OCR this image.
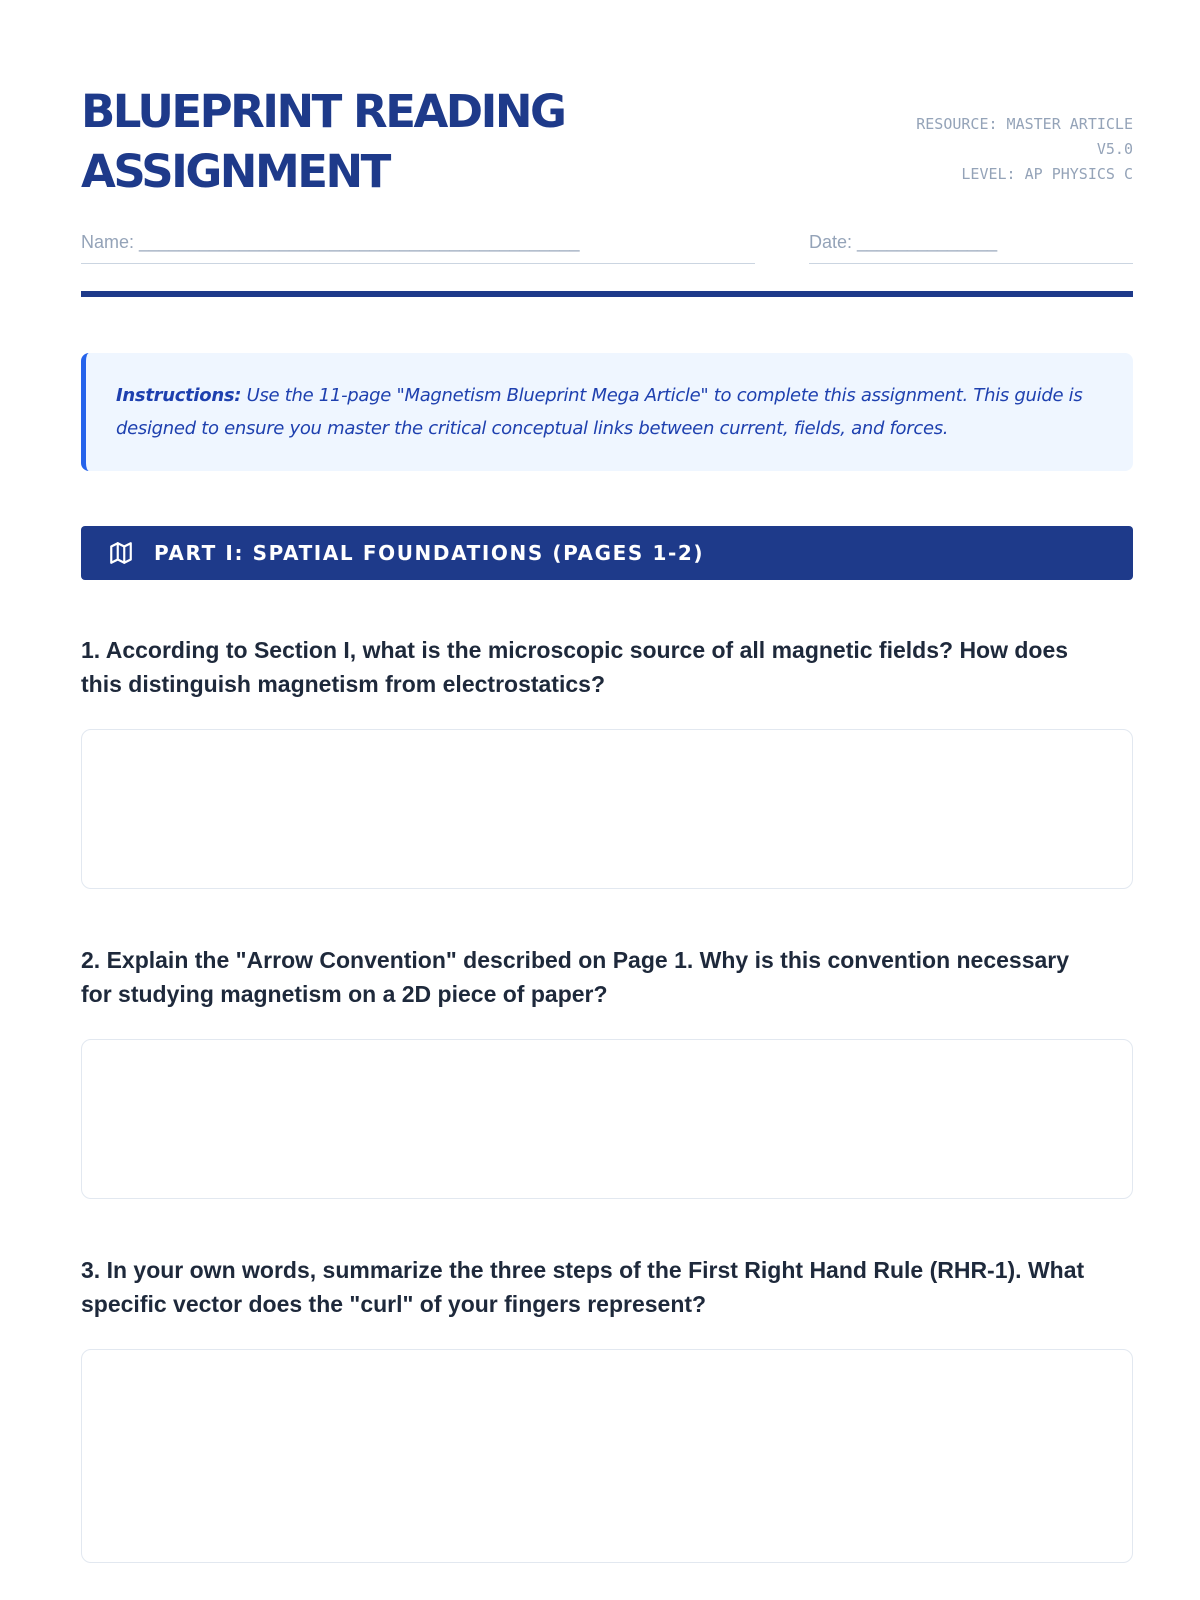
BLUEPRINT READING
ASSIGNMENT
RESOURCE: MASTER ARTICLE
V5.0
LEVEL: AP PHYSICS C
Name: ____________________________________________	Date: ______________
Instructions: Use the 11-page "Magnetism Blueprint Mega Article" to complete this assignment. This guide is designed to ensure you master the critical conceptual links between current, fields, and forces.
PART I: SPATIAL FOUNDATIONS (PAGES 1-2)

1. According to Section I, what is the microscopic source of all magnetic fields? How does this distinguish magnetism from electrostatics?

2. Explain the "Arrow Convention" described on Page 1. Why is this convention necessary for studying magnetism on a 2D piece of paper?

3. In your own words, summarize the three steps of the First Right Hand Rule (RHR-1). What specific vector does the "curl" of your fingers represent?
